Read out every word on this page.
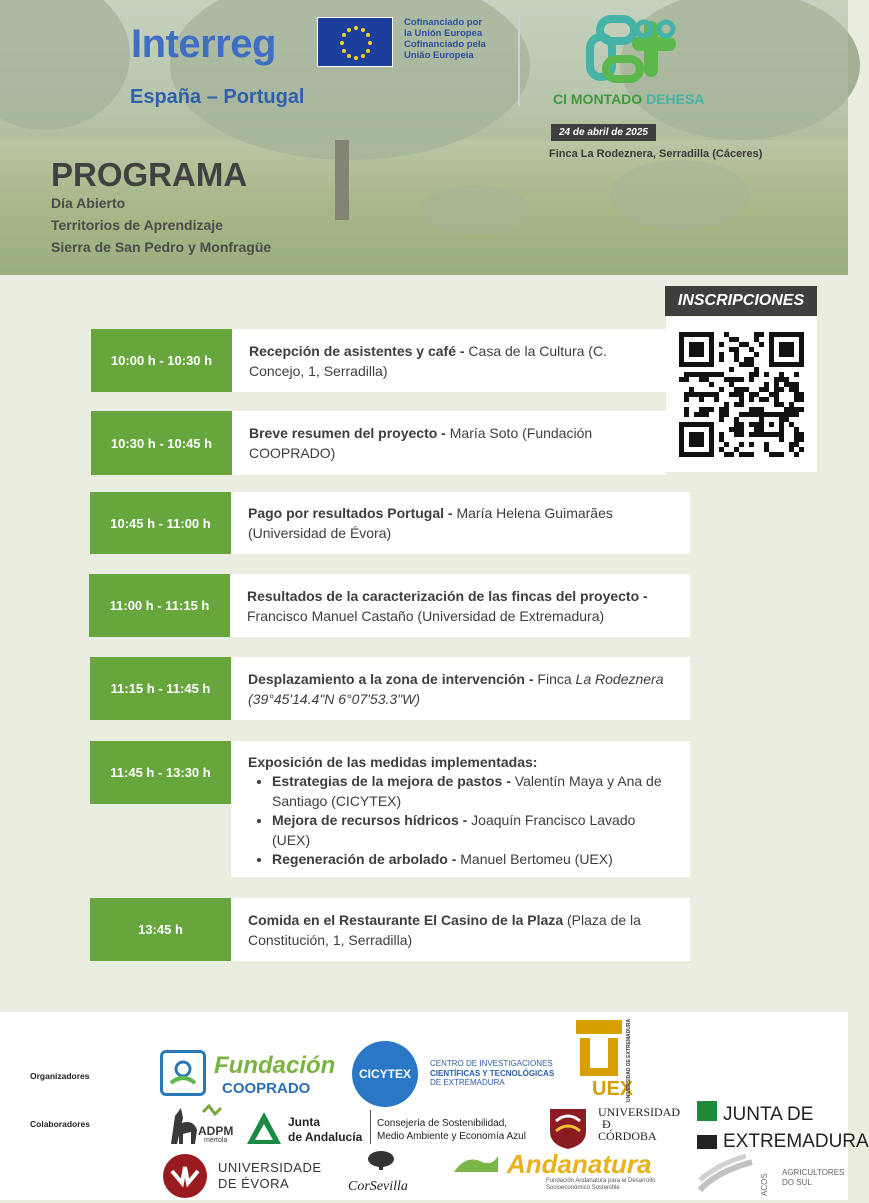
Interreg	Cofinanciado por
la Unión Europea
Cofinanciado pela
União Europeia
España – Portugal	CI MONTADO DEHESA
24 de abril de 2025
Finca La Rodeznera, Serradilla (Cáceres)
PROGRAMA
Día Abierto
Territorios de Aprendizaje
Sierra de San Pedro y Monfragüe
INSCRIPCIONES
10:00 h - 10:30 h
Recepción de asistentes y café - Casa de la Cultura (C. Concejo, 1, Serradilla)
10:30 h - 10:45 h
Breve resumen del proyecto - María Soto (Fundación COOPRADO)
10:45 h - 11:00 h
Pago por resultados Portugal - María Helena Guimarães (Universidad de Évora)
11:00 h - 11:15 h
Resultados de la caracterización de las fincas del proyecto - Francisco Manuel Castaño (Universidad de Extremadura)
11:15 h - 11:45 h
Desplazamiento a la zona de intervención - Finca La Rodeznera (39°45'14.4"N 6°07'53.3"W)
11:45 h - 13:30 h
Exposición de las medidas implementadas:
• Estrategias de la mejora de pastos - Valentín Maya y Ana de Santiago (CICYTEX)
• Mejora de recursos hídricos - Joaquín Francisco Lavado (UEX)
• Regeneración de arbolado - Manuel Bertomeu (UEX)
13:45 h
Comida en el Restaurante El Casino de la Plaza (Plaza de la Constitución, 1, Serradilla)
Organizadores
Colaboradores
Fundación
COOPRADO
CICYTEX
CENTRO DE INVESTIGACIONES
CIENTÍFICAS Y TECNOLÓGICAS
DE EXTREMADURA	UEX
UNIVERSIDAD DE EXTREMADURA
ADPM
mértola
Junta
de Andalucía
Consejería de Sostenibilidad,
Medio Ambiente y Economía Azul
UNIVERSIDAD
Đ
CÓRDOBA
JUNTA DE
EXTREMADURA
UNIVERSIDADE
DE ÉVORA	CorSevilla
Andanatura
Fundación Andanatura para el Desarrollo
Socioeconómico Sostenible	ACOS
AGRICULTORES
DO SUL
